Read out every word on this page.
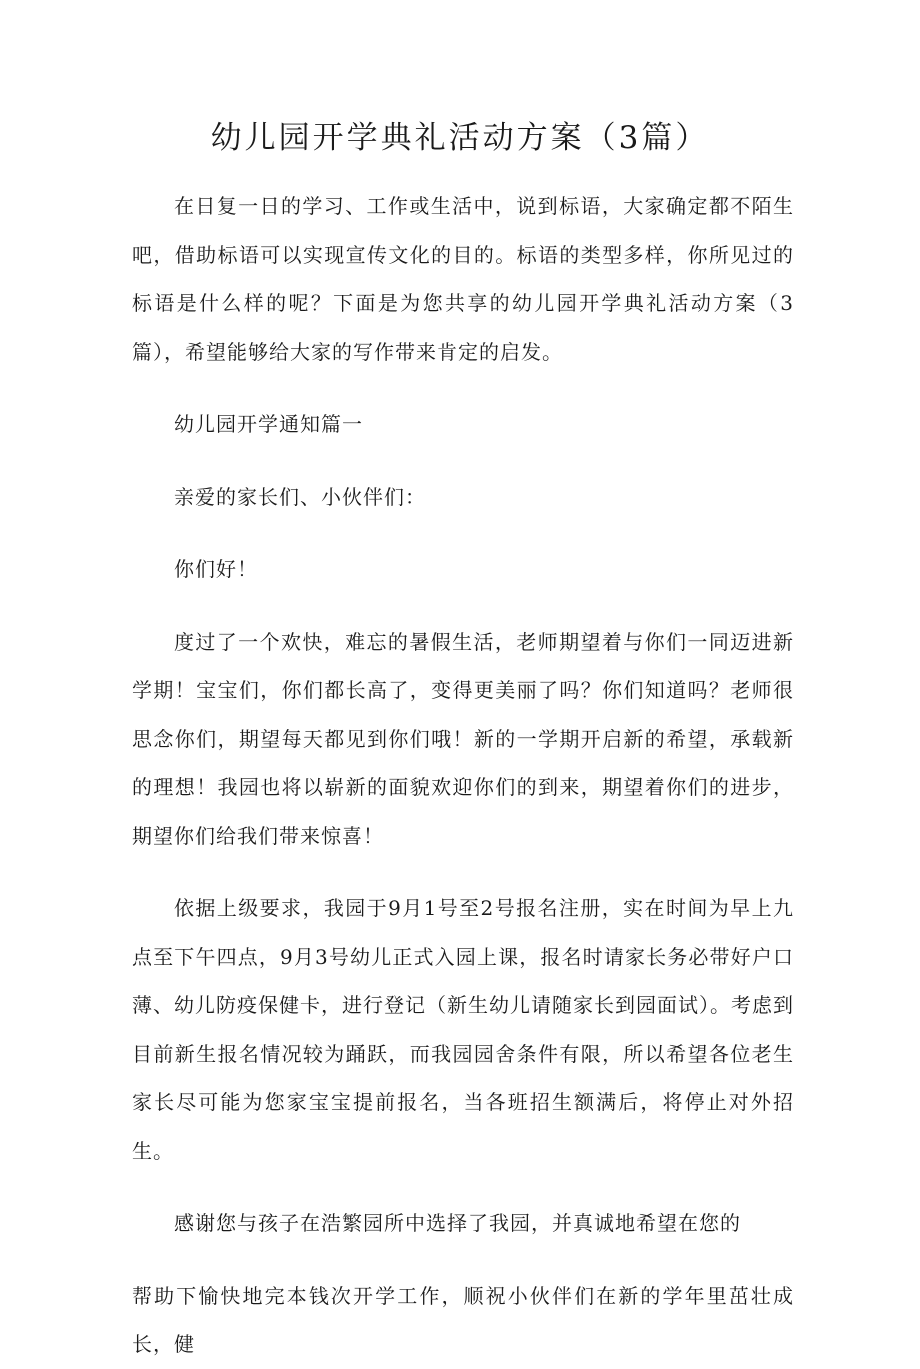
幼儿园开学典礼活动方案（3篇）

在日复一日的学习、工作或生活中，说到标语，大家确定都不陌生吧，借助标语可以实现宣传文化的目的。标语的类型多样，你所见过的标语是什么样的呢？下面是为您共享的幼儿园开学典礼活动方案（3篇），希望能够给大家的写作带来肯定的启发。

幼儿园开学通知篇一

亲爱的家长们、小伙伴们：

你们好！

度过了一个欢快，难忘的暑假生活，老师期望着与你们一同迈进新学期！宝宝们，你们都长高了，变得更美丽了吗？你们知道吗？老师很思念你们，期望每天都见到你们哦！新的一学期开启新的希望，承载新的理想！我园也将以崭新的面貌欢迎你们的到来，期望着你们的进步，期望你们给我们带来惊喜！

依据上级要求，我园于9月1号至2号报名注册，实在时间为早上九点至下午四点，9月3号幼儿正式入园上课，报名时请家长务必带好户口薄、幼儿防疫保健卡，进行登记（新生幼儿请随家长到园面试）。考虑到目前新生报名情况较为踊跃，而我园园舍条件有限，所以希望各位老生家长尽可能为您家宝宝提前报名，当各班招生额满后，将停止对外招生。

感谢您与孩子在浩繁园所中选择了我园，并真诚地希望在您的

帮助下愉快地完本钱次开学工作，顺祝小伙伴们在新的学年里茁壮成长，健
